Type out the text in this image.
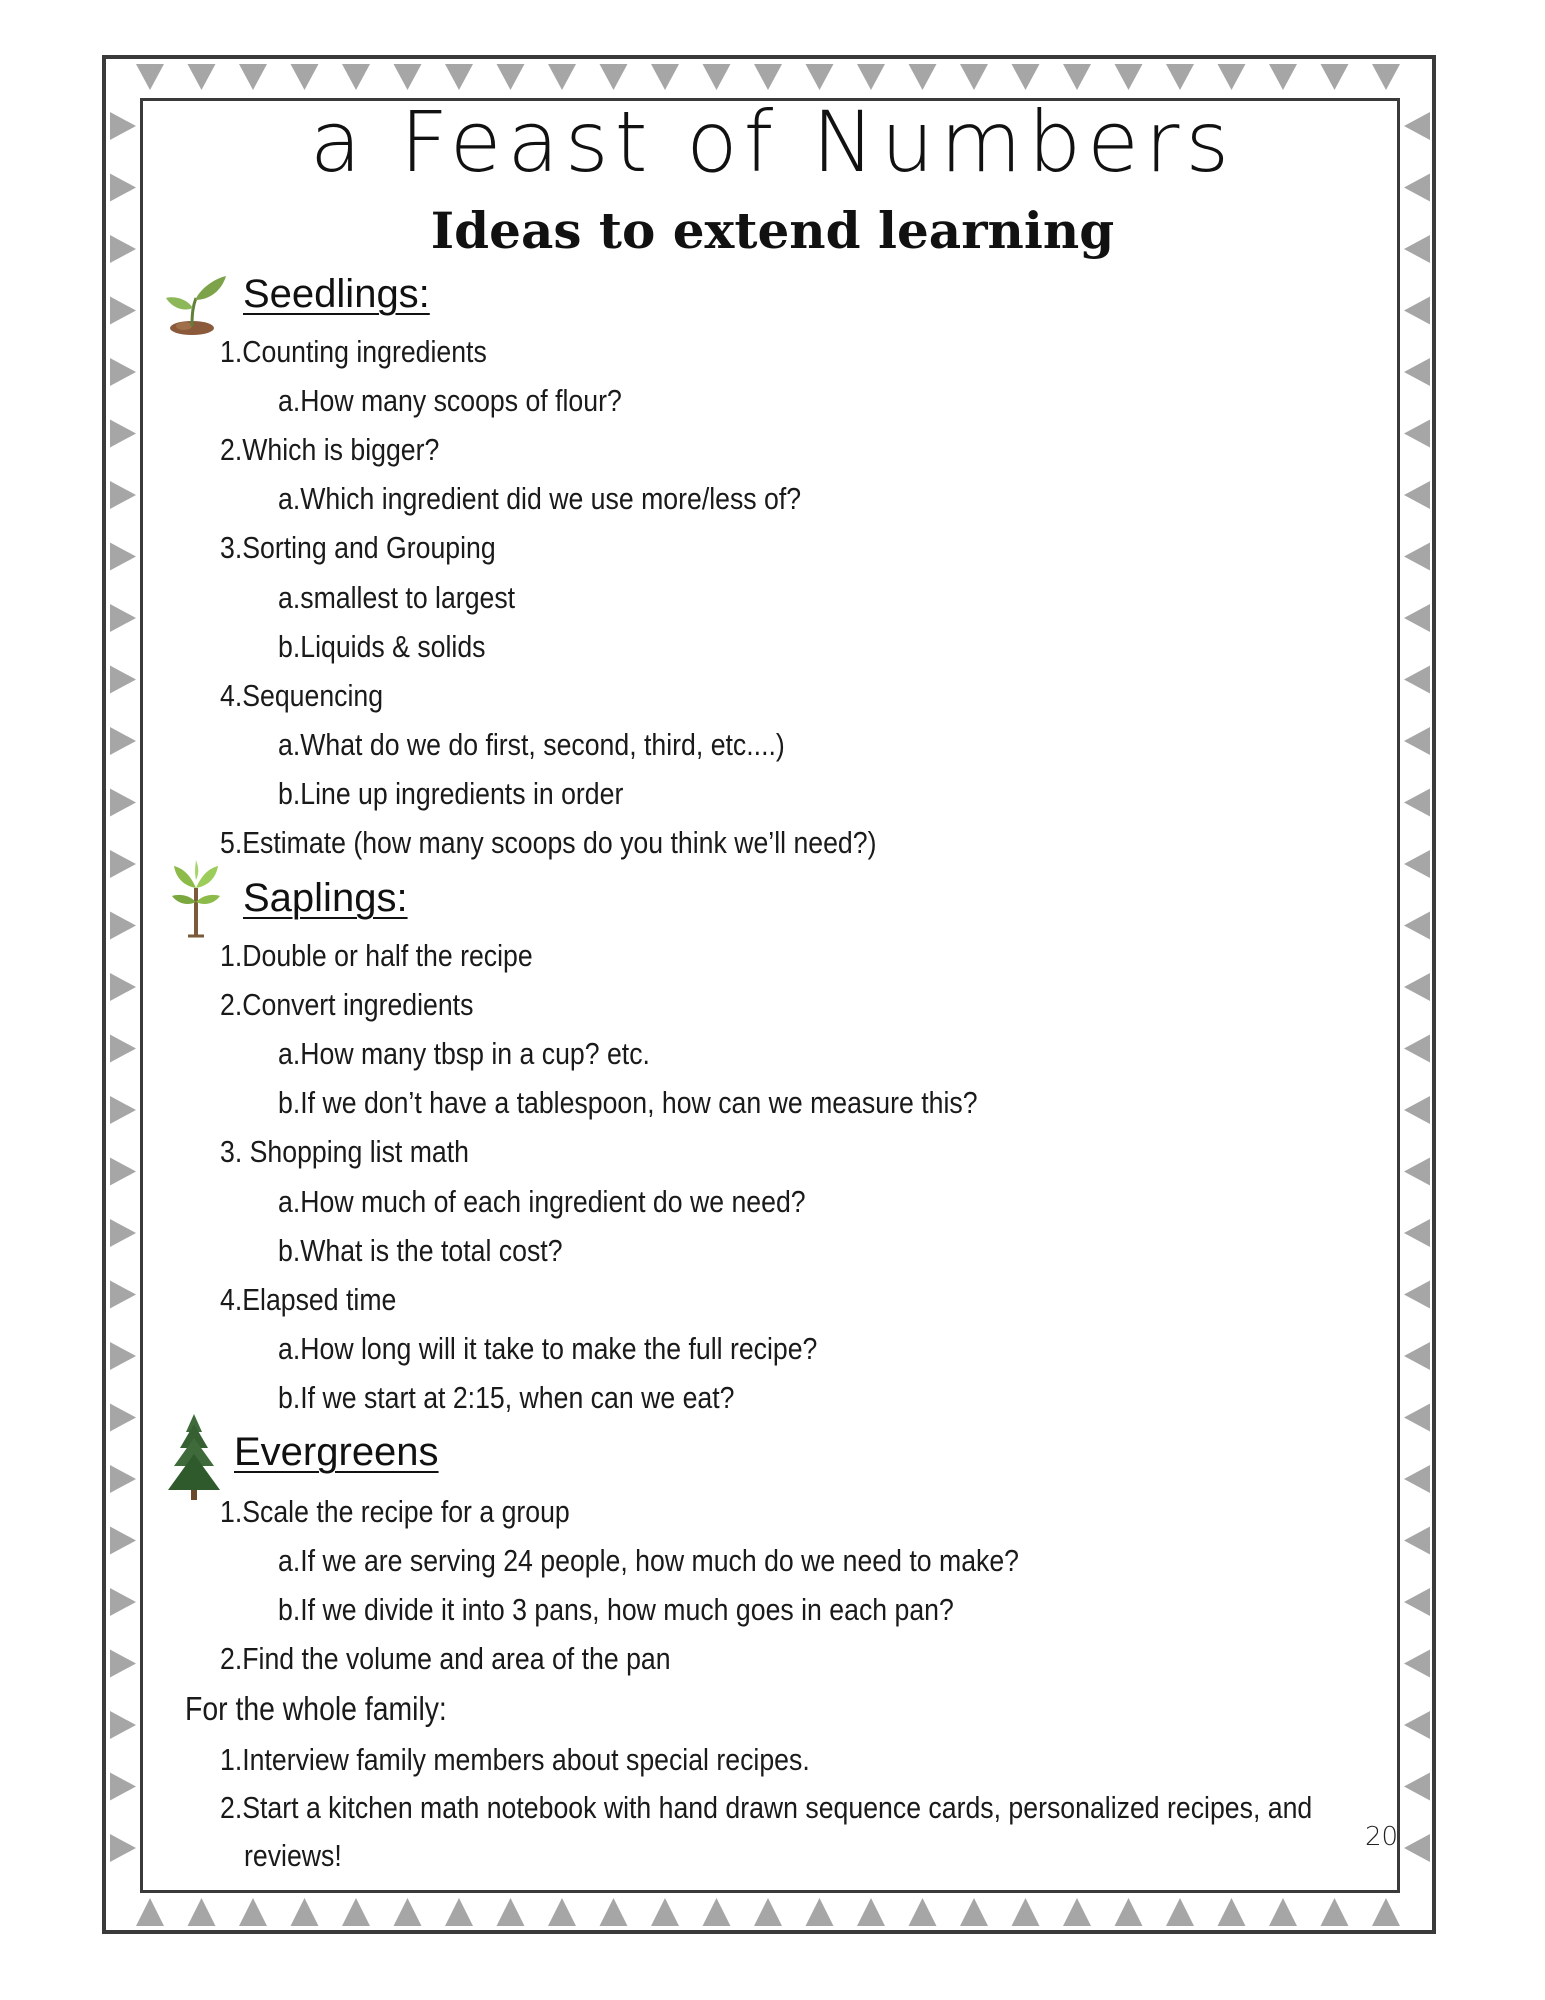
a Feast of Numbers
Ideas to extend learning
Seedlings:
1.Counting ingredients
a.How many scoops of flour?
2.Which is bigger?
a.Which ingredient did we use more/less of?
3.Sorting and Grouping
a.smallest to largest
b.Liquids & solids
4.Sequencing
a.What do we do first, second, third, etc....)
b.Line up ingredients in order
5.Estimate (how many scoops do you think we’ll need?)
Saplings:
1.Double or half the recipe
2.Convert ingredients
a.How many tbsp in a cup? etc.
b.If we don’t have a tablespoon, how can we measure this?
3. Shopping list math
a.How much of each ingredient do we need?
b.What is the total cost?
4.Elapsed time
a.How long will it take to make the full recipe?
b.If we start at 2:15, when can we eat?
Evergreens
1.Scale the recipe for a group
a.If we are serving 24 people, how much do we need to make?
b.If we divide it into 3 pans, how much goes in each pan?
2.Find the volume and area of the pan
For the whole family:
1.Interview family members about special recipes.
2.Start a kitchen math notebook with hand drawn sequence cards, personalized recipes, and
reviews!
20
